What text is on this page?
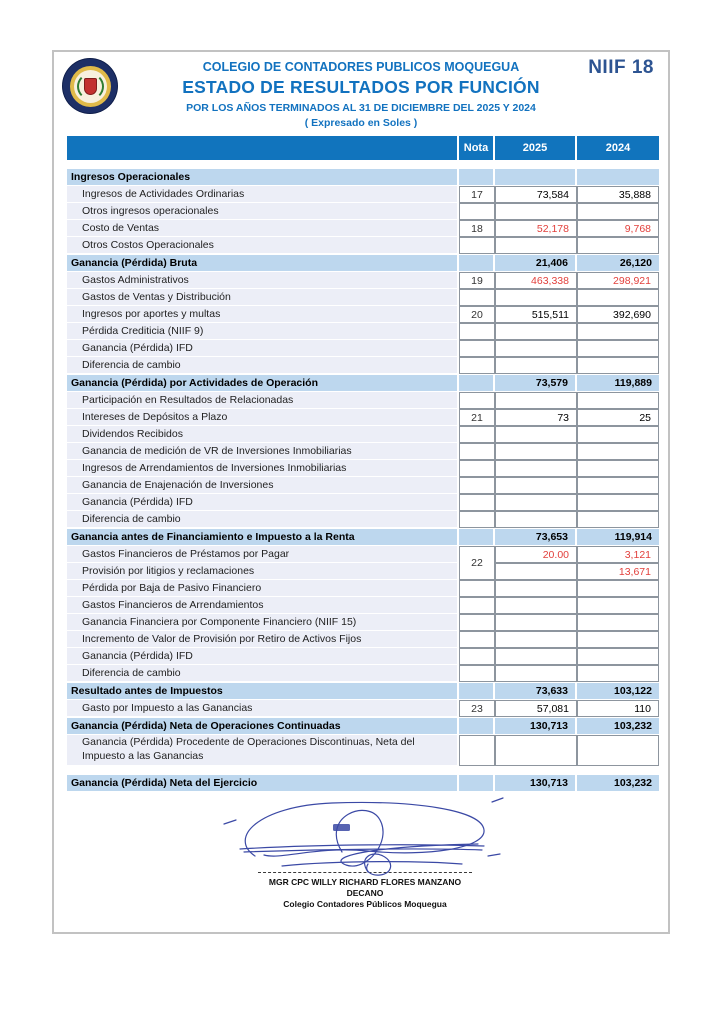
NIIF 18
COLEGIO DE CONTADORES PUBLICOS MOQUEGUA
ESTADO DE RESULTADOS POR FUNCIÓN
POR LOS AÑOS TERMINADOS AL 31 DE DICIEMBRE DEL 2025 Y 2024
( Expresado en Soles )
	Nota	2025	2024

Ingresos Operacionales			
Ingresos de Actividades Ordinarias	17	73,584	35,888
Otros ingresos operacionales			
Costo de Ventas	18	52,178	9,768
Otros Costos Operacionales			
Ganancia (Pérdida) Bruta		21,406	26,120
Gastos Administrativos	19	463,338	298,921
Gastos de Ventas y Distribución			
Ingresos por aportes y multas	20	515,511	392,690
Pérdida Crediticia (NIIF 9)			
Ganancia (Pérdida) IFD			
Diferencia de cambio			
Ganancia (Pérdida) por Actividades de Operación		73,579	119,889
Participación en Resultados de Relacionadas			
Intereses de Depósitos a Plazo	21	73	25
Dividendos Recibidos			
Ganancia de medición de VR de Inversiones Inmobiliarias			
Ingresos de Arrendamientos de Inversiones Inmobiliarias			
Ganancia de Enajenación de Inversiones			
Ganancia (Pérdida) IFD			
Diferencia de cambio			
Ganancia antes de Financiamiento e Impuesto a la Renta		73,653	119,914
Gastos Financieros de Préstamos por Pagar	22	20.00	3,121
Provisión por litigios y reclamaciones			13,671
Pérdida por Baja de Pasivo Financiero			
Gastos Financieros de Arrendamientos			
Ganancia Financiera por Componente Financiero (NIIF 15)			
Incremento de Valor de Provisión por Retiro de Activos Fijos			
Ganancia (Pérdida) IFD			
Diferencia de cambio			
Resultado antes de Impuestos		73,633	103,122
Gasto por Impuesto a las Ganancias	23	57,081	110
Ganancia (Pérdida) Neta de Operaciones Continuadas		130,713	103,232
Ganancia (Pérdida) Procedente de Operaciones Discontinuas, Neta del Impuesto a las Ganancias			

Ganancia (Pérdida) Neta del Ejercicio		130,713	103,232
MGR CPC WILLY RICHARD FLORES MANZANO
DECANO
Colegio Contadores Públicos Moquegua
